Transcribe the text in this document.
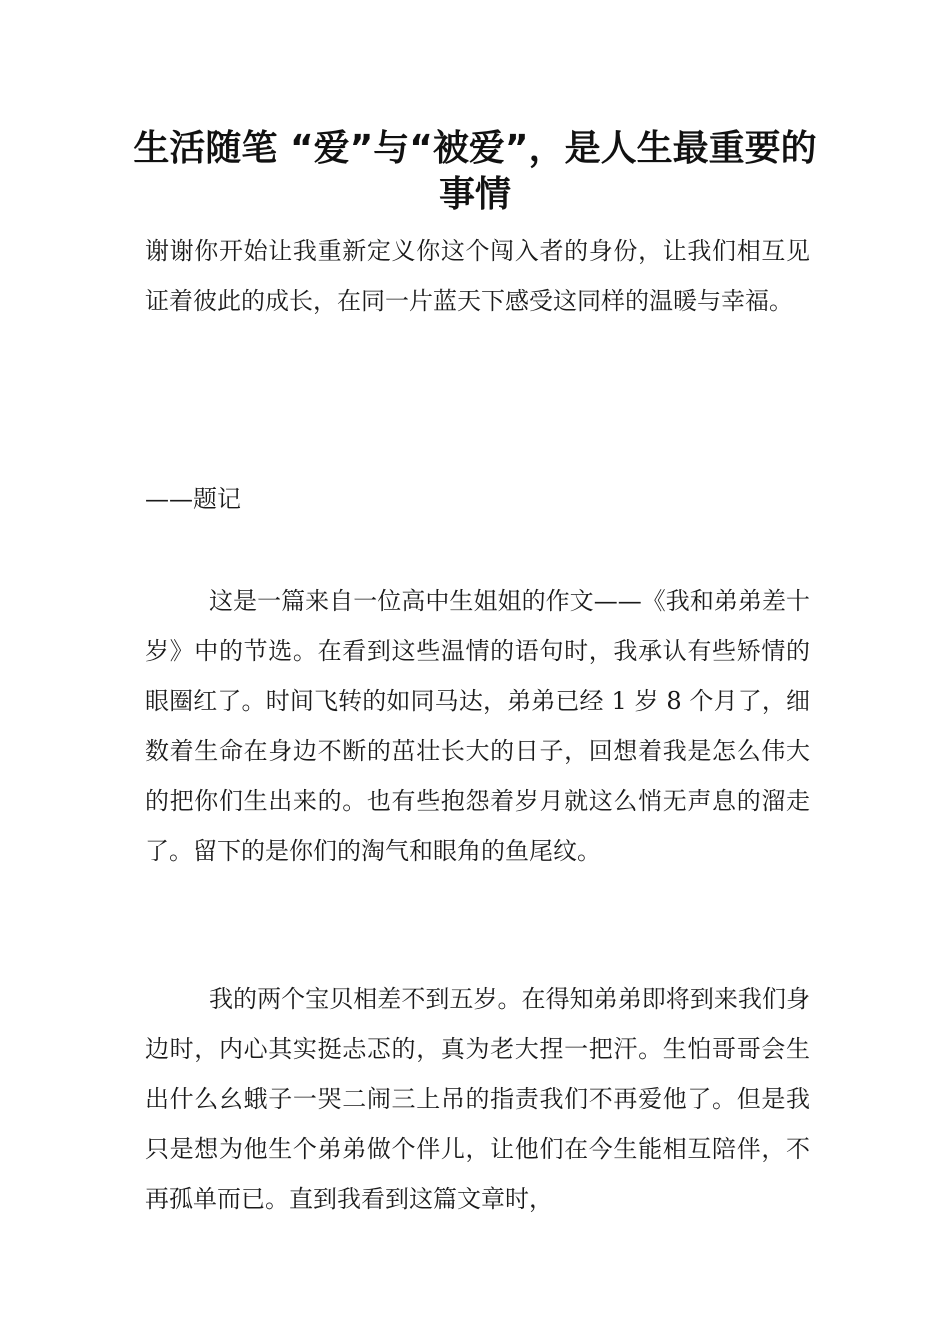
生活随笔 “爱”与“被爱”，是人生最重要的事情

谢谢你开始让我重新定义你这个闯入者的身份，让我们相互见证着彼此的成长，在同一片蓝天下感受这同样的温暖与幸福。

——题记

这是一篇来自一位高中生姐姐的作文——《我和弟弟差十岁》中的节选。在看到这些温情的语句时，我承认有些矫情的眼圈红了。时间飞转的如同马达，弟弟已经 1 岁 8 个月了，细数着生命在身边不断的茁壮长大的日子，回想着我是怎么伟大的把你们生出来的。也有些抱怨着岁月就这么悄无声息的溜走了。留下的是你们的淘气和眼角的鱼尾纹。

我的两个宝贝相差不到五岁。在得知弟弟即将到来我们身边时，内心其实挺忐忑的，真为老大捏一把汗。生怕哥哥会生出什么幺蛾子一哭二闹三上吊的指责我们不再爱他了。但是我只是想为他生个弟弟做个伴儿，让他们在今生能相互陪伴，不再孤单而已。直到我看到这篇文章时，
